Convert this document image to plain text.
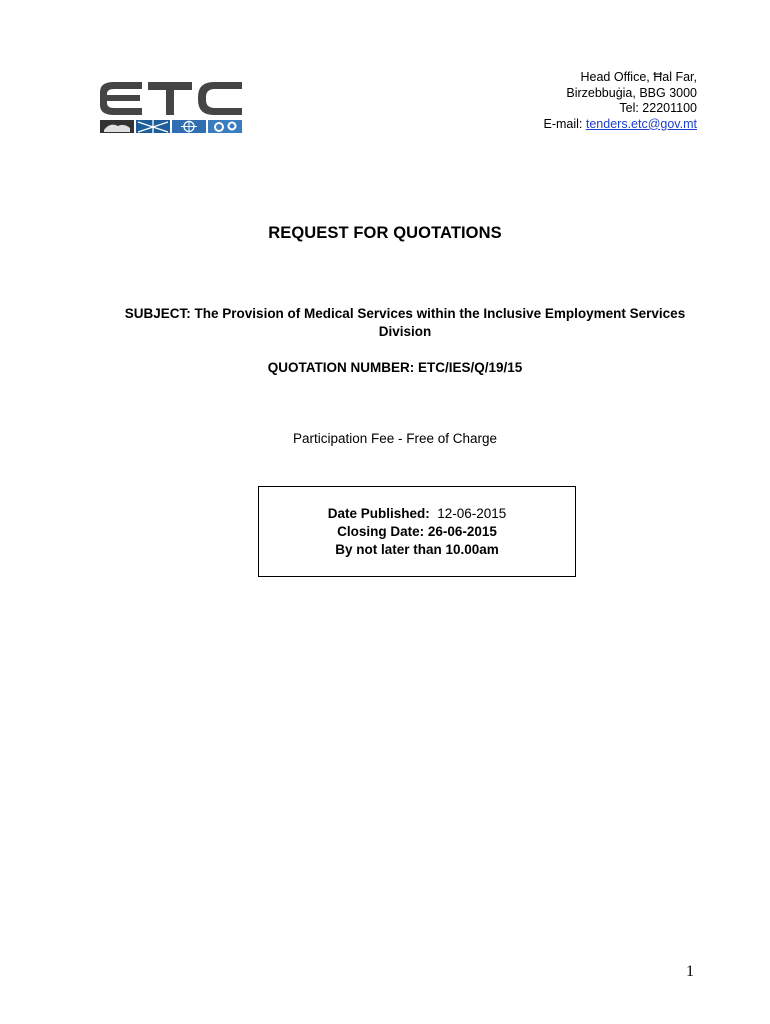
Head Office, Ħal Far,
Birzebbuġia, BBG 3000
Tel: 22201100
E-mail: tenders.etc@gov.mt
REQUEST FOR QUOTATIONS
SUBJECT: The Provision of Medical Services within the Inclusive Employment Services
Division
QUOTATION NUMBER: ETC/IES/Q/19/15
Participation Fee - Free of Charge
Date Published: 12-06-2015
Closing Date: 26-06-2015
By not later than 10.00am
1
